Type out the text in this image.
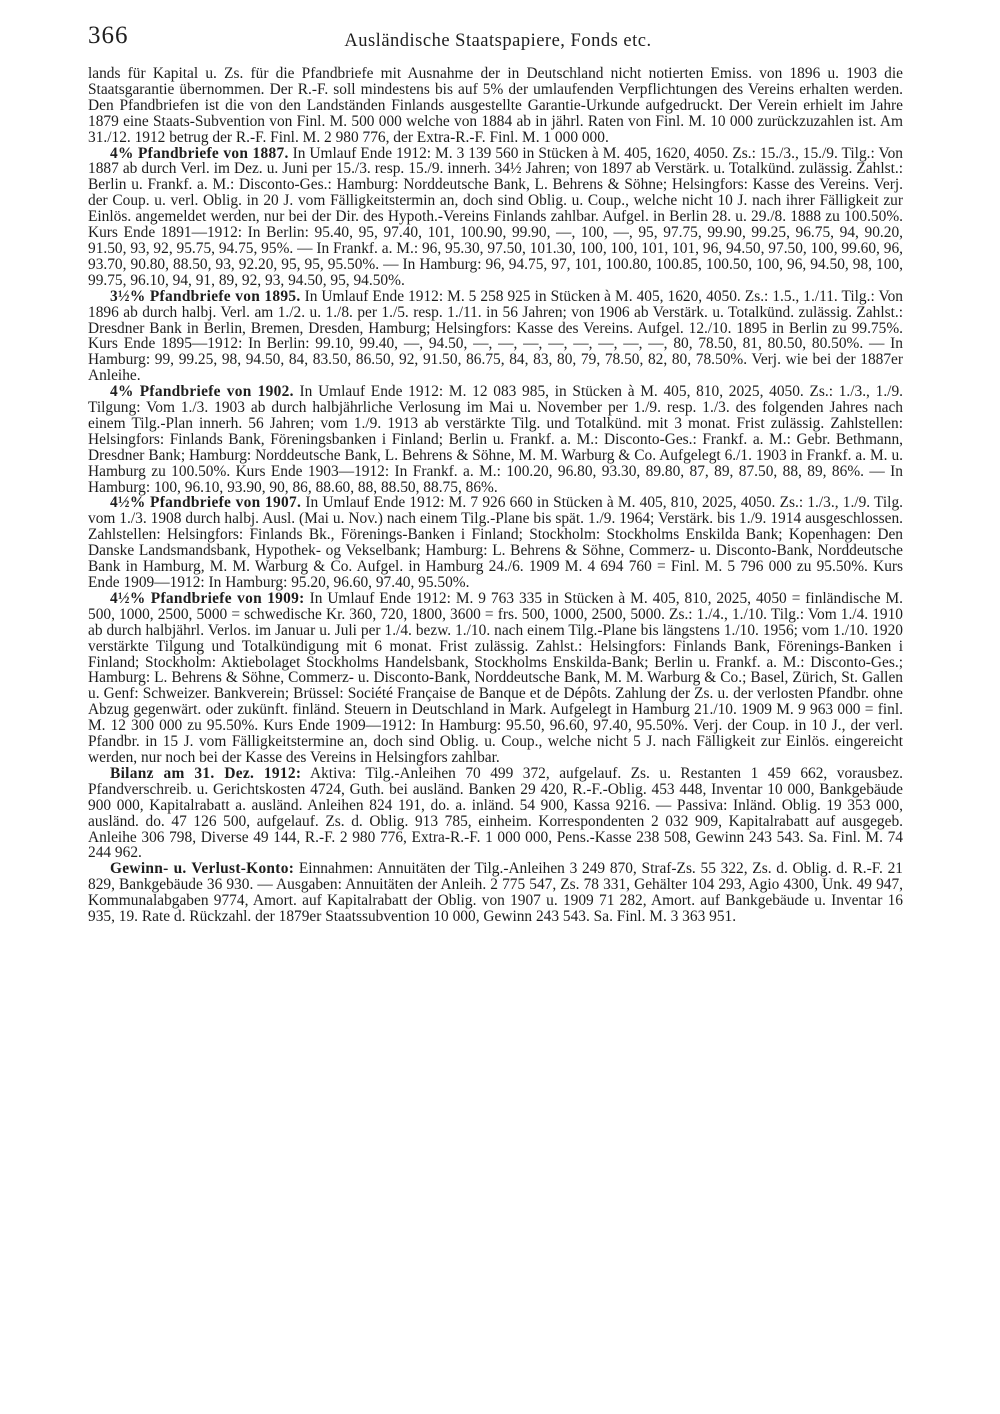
366	Ausländische Staatspapiere, Fonds etc.

lands für Kapital u. Zs. für die Pfandbriefe mit Ausnahme der in Deutschland nicht notierten Emiss. von 1896 u. 1903 die Staatsgarantie übernommen. Der R.-F. soll mindestens bis auf 5% der umlaufenden Verpflichtungen des Vereins erhalten werden. Den Pfandbriefen ist die von den Landständen Finlands ausgestellte Garantie-Urkunde aufgedruckt. Der Verein erhielt im Jahre 1879 eine Staats-Subvention von Finl. M. 500 000 welche von 1884 ab in jährl. Raten von Finl. M. 10 000 zurückzuzahlen ist. Am 31./12. 1912 betrug der R.-F. Finl. M. 2 980 776, der Extra-R.-F. Finl. M. 1 000 000.

4% Pfandbriefe von 1887. In Umlauf Ende 1912: M. 3 139 560 in Stücken à M. 405, 1620, 4050. Zs.: 15./3., 15./9. Tilg.: Von 1887 ab durch Verl. im Dez. u. Juni per 15./3. resp. 15./9. innerh. 34½ Jahren; von 1897 ab Verstärk. u. Totalkünd. zulässig. Zahlst.: Berlin u. Frankf. a. M.: Disconto-Ges.: Hamburg: Norddeutsche Bank, L. Behrens & Söhne; Helsingfors: Kasse des Vereins. Verj. der Coup. u. verl. Oblig. in 20 J. vom Fälligkeitstermin an, doch sind Oblig. u. Coup., welche nicht 10 J. nach ihrer Fälligkeit zur Einlös. angemeldet werden, nur bei der Dir. des Hypoth.-Vereins Finlands zahlbar. Aufgel. in Berlin 28. u. 29./8. 1888 zu 100.50%. Kurs Ende 1891—1912: In Berlin: 95.40, 95, 97.40, 101, 100.90, 99.90, —, 100, —, 95, 97.75, 99.90, 99.25, 96.75, 94, 90.20, 91.50, 93, 92, 95.75, 94.75, 95%. — In Frankf. a. M.: 96, 95.30, 97.50, 101.30, 100, 100, 101, 101, 96, 94.50, 97.50, 100, 99.60, 96, 93.70, 90.80, 88.50, 93, 92.20, 95, 95, 95.50%. — In Hamburg: 96, 94.75, 97, 101, 100.80, 100.85, 100.50, 100, 96, 94.50, 98, 100, 99.75, 96.10, 94, 91, 89, 92, 93, 94.50, 95, 94.50%.

3½% Pfandbriefe von 1895. In Umlauf Ende 1912: M. 5 258 925 in Stücken à M. 405, 1620, 4050. Zs.: 1.5., 1./11. Tilg.: Von 1896 ab durch halbj. Verl. am 1./2. u. 1./8. per 1./5. resp. 1./11. in 56 Jahren; von 1906 ab Verstärk. u. Totalkünd. zulässig. Zahlst.: Dresdner Bank in Berlin, Bremen, Dresden, Hamburg; Helsingfors: Kasse des Vereins. Aufgel. 12./10. 1895 in Berlin zu 99.75%. Kurs Ende 1895—1912: In Berlin: 99.10, 99.40, —, 94.50, —, —, —, —, —, —, —, —, 80, 78.50, 81, 80.50, 80.50%. — In Hamburg: 99, 99.25, 98, 94.50, 84, 83.50, 86.50, 92, 91.50, 86.75, 84, 83, 80, 79, 78.50, 82, 80, 78.50%. Verj. wie bei der 1887er Anleihe.

4% Pfandbriefe von 1902. In Umlauf Ende 1912: M. 12 083 985, in Stücken à M. 405, 810, 2025, 4050. Zs.: 1./3., 1./9. Tilgung: Vom 1./3. 1903 ab durch halbjährliche Verlosung im Mai u. November per 1./9. resp. 1./3. des folgenden Jahres nach einem Tilg.-Plan innerh. 56 Jahren; vom 1./9. 1913 ab verstärkte Tilg. und Totalkünd. mit 3 monat. Frist zulässig. Zahlstellen: Helsingfors: Finlands Bank, Föreningsbanken i Finland; Berlin u. Frankf. a. M.: Disconto-Ges.: Frankf. a. M.: Gebr. Bethmann, Dresdner Bank; Hamburg: Norddeutsche Bank, L. Behrens & Söhne, M. M. Warburg & Co. Aufgelegt 6./1. 1903 in Frankf. a. M. u. Hamburg zu 100.50%. Kurs Ende 1903—1912: In Frankf. a. M.: 100.20, 96.80, 93.30, 89.80, 87, 89, 87.50, 88, 89, 86%. — In Hamburg: 100, 96.10, 93.90, 90, 86, 88.60, 88, 88.50, 88.75, 86%.

4½% Pfandbriefe von 1907. In Umlauf Ende 1912: M. 7 926 660 in Stücken à M. 405, 810, 2025, 4050. Zs.: 1./3., 1./9. Tilg. vom 1./3. 1908 durch halbj. Ausl. (Mai u. Nov.) nach einem Tilg.-Plane bis spät. 1./9. 1964; Verstärk. bis 1./9. 1914 ausgeschlossen. Zahlstellen: Helsingfors: Finlands Bk., Förenings-Banken i Finland; Stockholm: Stockholms Enskilda Bank; Kopenhagen: Den Danske Landsmandsbank, Hypothek- og Vekselbank; Hamburg: L. Behrens & Söhne, Commerz- u. Disconto-Bank, Norddeutsche Bank in Hamburg, M. M. Warburg & Co. Aufgel. in Hamburg 24./6. 1909 M. 4 694 760 = Finl. M. 5 796 000 zu 95.50%. Kurs Ende 1909—1912: In Hamburg: 95.20, 96.60, 97.40, 95.50%.

4½% Pfandbriefe von 1909: In Umlauf Ende 1912: M. 9 763 335 in Stücken à M. 405, 810, 2025, 4050 = finländische M. 500, 1000, 2500, 5000 = schwedische Kr. 360, 720, 1800, 3600 = frs. 500, 1000, 2500, 5000. Zs.: 1./4., 1./10. Tilg.: Vom 1./4. 1910 ab durch halbjährl. Verlos. im Januar u. Juli per 1./4. bezw. 1./10. nach einem Tilg.-Plane bis längstens 1./10. 1956; vom 1./10. 1920 verstärkte Tilgung und Totalkündigung mit 6 monat. Frist zulässig. Zahlst.: Helsingfors: Finlands Bank, Förenings-Banken i Finland; Stockholm: Aktiebolaget Stockholms Handelsbank, Stockholms Enskilda-Bank; Berlin u. Frankf. a. M.: Disconto-Ges.; Hamburg: L. Behrens & Söhne, Commerz- u. Disconto-Bank, Norddeutsche Bank, M. M. Warburg & Co.; Basel, Zürich, St. Gallen u. Genf: Schweizer. Bankverein; Brüssel: Société Française de Banque et de Dépôts. Zahlung der Zs. u. der verlosten Pfandbr. ohne Abzug gegenwärt. oder zukünft. finländ. Steuern in Deutschland in Mark. Aufgelegt in Hamburg 21./10. 1909 M. 9 963 000 = finl. M. 12 300 000 zu 95.50%. Kurs Ende 1909—1912: In Hamburg: 95.50, 96.60, 97.40, 95.50%. Verj. der Coup. in 10 J., der verl. Pfandbr. in 15 J. vom Fälligkeitstermine an, doch sind Oblig. u. Coup., welche nicht 5 J. nach Fälligkeit zur Einlös. eingereicht werden, nur noch bei der Kasse des Vereins in Helsingfors zahlbar.

Bilanz am 31. Dez. 1912: Aktiva: Tilg.-Anleihen 70 499 372, aufgelauf. Zs. u. Restanten 1 459 662, vorausbez. Pfandverschreib. u. Gerichtskosten 4724, Guth. bei ausländ. Banken 29 420, R.-F.-Oblig. 453 448, Inventar 10 000, Bankgebäude 900 000, Kapitalrabatt a. ausländ. Anleihen 824 191, do. a. inländ. 54 900, Kassa 9216. — Passiva: Inländ. Oblig. 19 353 000, ausländ. do. 47 126 500, aufgelauf. Zs. d. Oblig. 913 785, einheim. Korrespondenten 2 032 909, Kapitalrabatt auf ausgegeb. Anleihe 306 798, Diverse 49 144, R.-F. 2 980 776, Extra-R.-F. 1 000 000, Pens.-Kasse 238 508, Gewinn 243 543. Sa. Finl. M. 74 244 962.

Gewinn- u. Verlust-Konto: Einnahmen: Annuitäten der Tilg.-Anleihen 3 249 870, Straf-Zs. 55 322, Zs. d. Oblig. d. R.-F. 21 829, Bankgebäude 36 930. — Ausgaben: Annuitäten der Anleih. 2 775 547, Zs. 78 331, Gehälter 104 293, Agio 4300, Unk. 49 947, Kommunalabgaben 9774, Amort. auf Kapitalrabatt der Oblig. von 1907 u. 1909 71 282, Amort. auf Bankgebäude u. Inventar 16 935, 19. Rate d. Rückzahl. der 1879er Staatssubvention 10 000, Gewinn 243 543. Sa. Finl. M. 3 363 951.
